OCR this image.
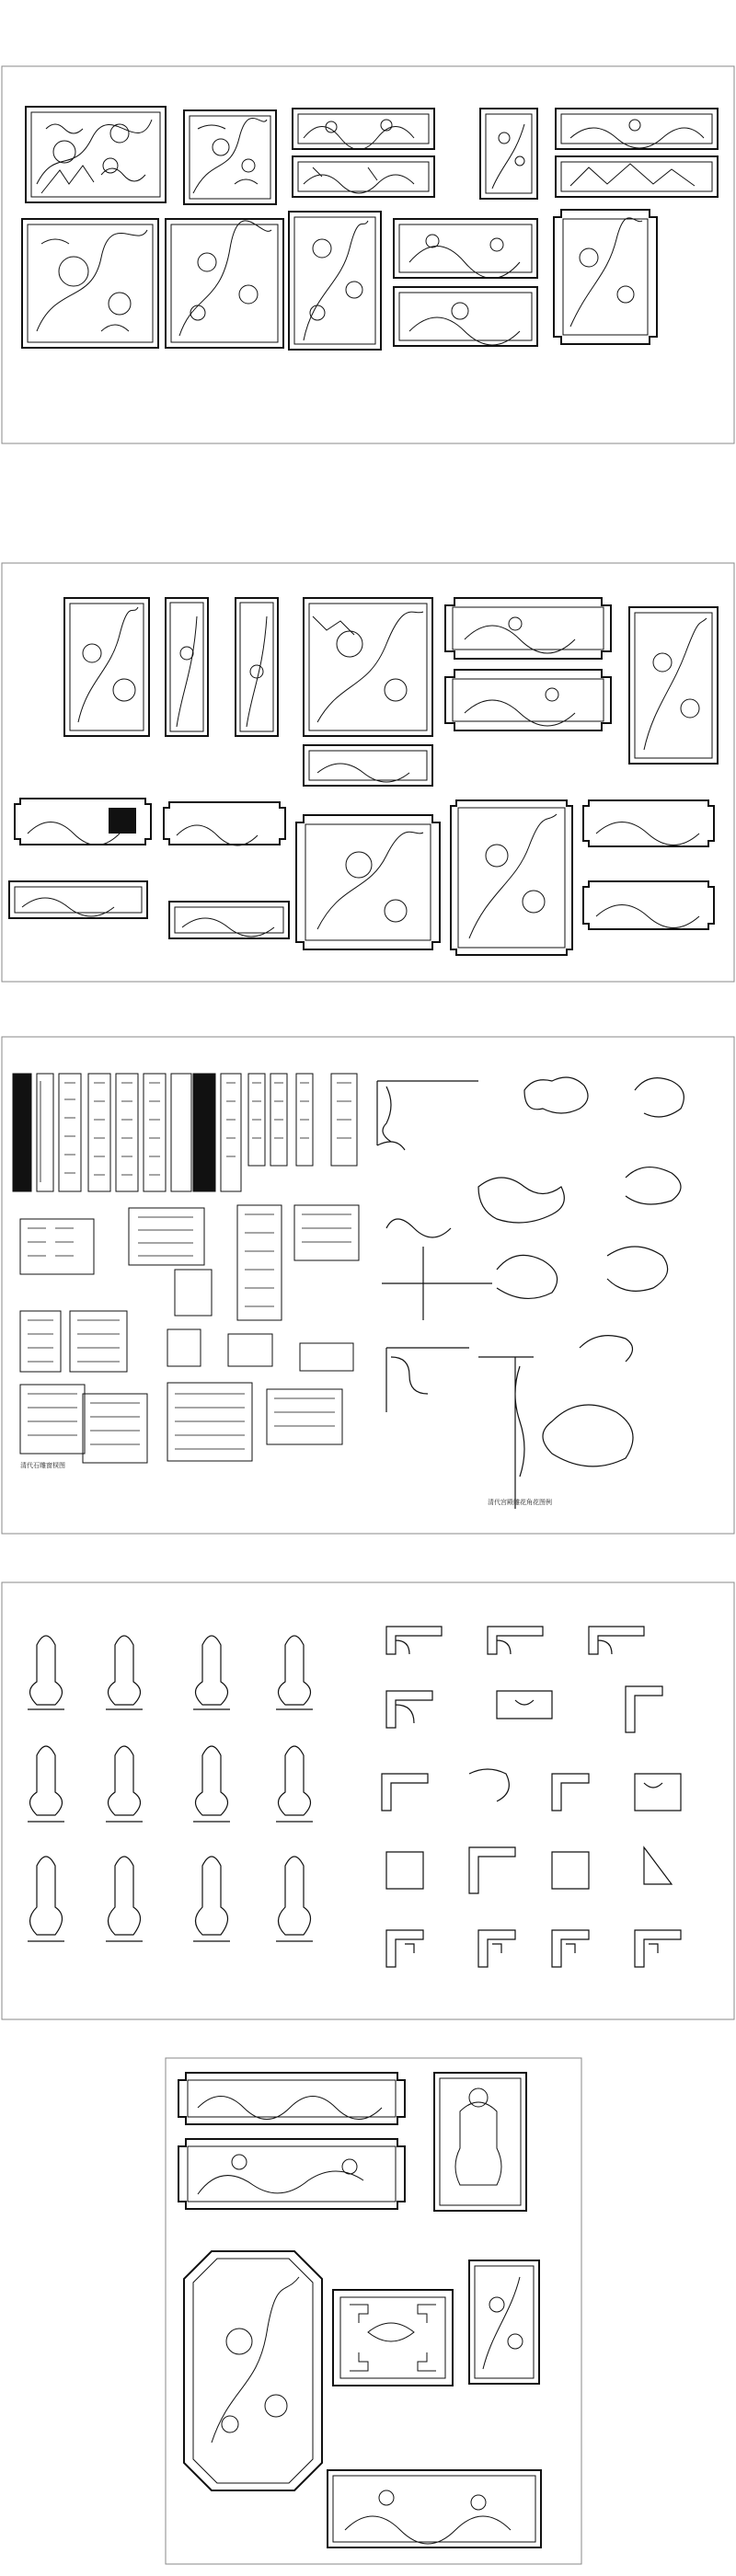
清代石雕窗棂图
清代宫殿雕花角花图例
